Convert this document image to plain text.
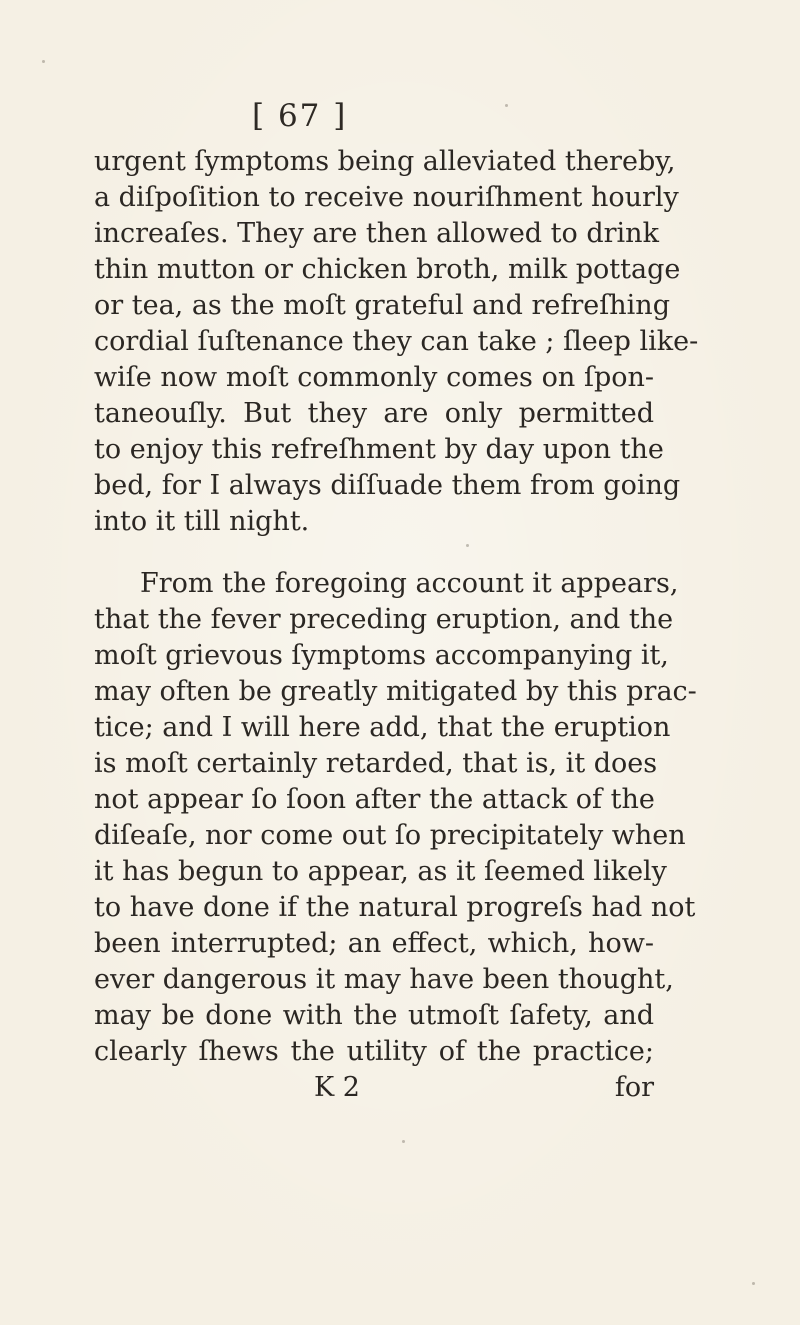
[ 67 ]
urgent ſymptoms being alleviated thereby,
a diſpoſition to receive nouriſhment hourly
increaſes. They are then allowed to drink
thin mutton or chicken broth, milk pottage
or tea, as the moſt grateful and refreſhing
cordial ſuſtenance they can take ; ſleep like-
wiſe now moſt commonly comes on ſpon-
taneouſly. But they are only permitted
to enjoy this refreſhment by day upon the
bed, for I always diſſuade them from going
into it till night.
From the foregoing account it appears,
that the fever preceding eruption, and the
moſt grievous ſymptoms accompanying it,
may often be greatly mitigated by this prac-
tice; and I will here add, that the eruption
is moſt certainly retarded, that is, it does
not appear ſo ſoon after the attack of the
diſeaſe, nor come out ſo precipitately when
it has begun to appear, as it ſeemed likely
to have done if the natural progreſs had not
been interrupted; an effect, which, how-
ever dangerous it may have been thought,
may be done with the utmoſt ſafety, and
clearly ſhews the utility of the practice;
K 2	for
